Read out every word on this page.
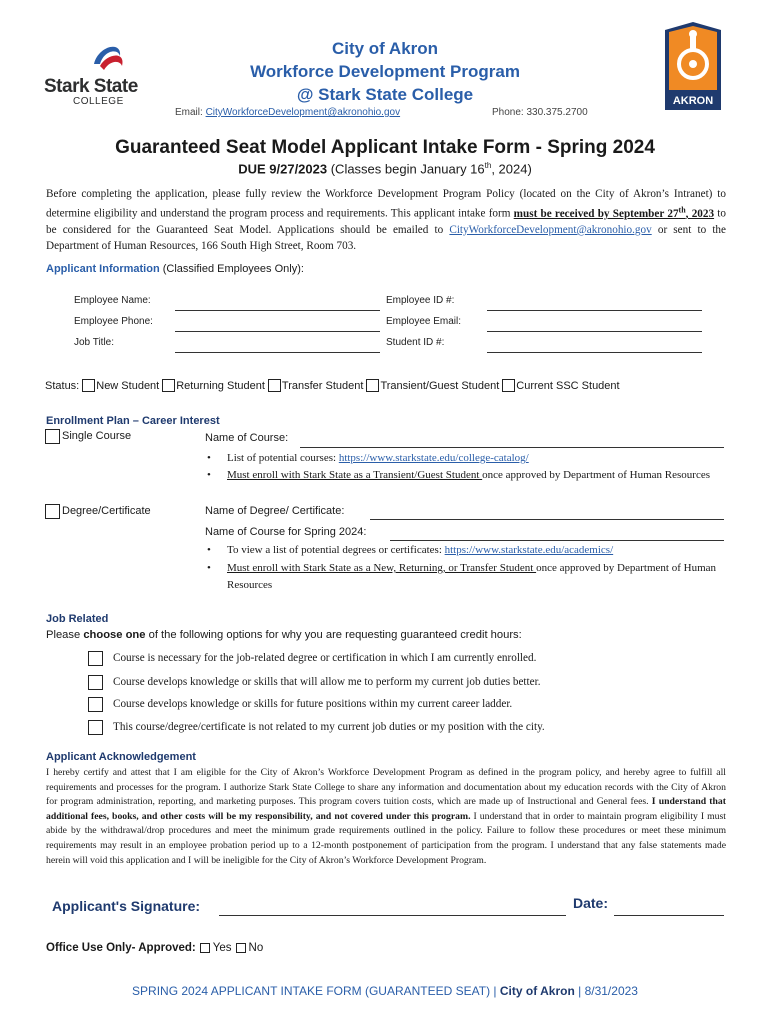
Stark State
COLLEGE
City of Akron
Workforce Development Program
@ Stark State College
Email: CityWorkforceDevelopment@akronohio.gov	Phone: 330.375.2700
AKRON
Guaranteed Seat Model Applicant Intake Form - Spring 2024
DUE 9/27/2023 (Classes begin January 16th, 2024)
Before completing the application, please fully review the Workforce Development Program Policy (located on the City of Akron’s Intranet) to determine eligibility and understand the program process and requirements. This applicant intake form must be received by September 27th, 2023 to be considered for the Guaranteed Seat Model. Applications should be emailed to CityWorkforceDevelopment@akronohio.gov or sent to the Department of Human Resources, 166 South High Street, Room 703.
Applicant Information (Classified Employees Only):
Employee Name:	Employee ID #:
Employee Phone:	Employee Email:
Job Title:	Student ID #:
Status: New Student Returning Student Transfer Student Transient/Guest Student Current SSC Student
Enrollment Plan – Career Interest
Single Course	Name of Course:
• List of potential courses: https://www.starkstate.edu/college-catalog/
• Must enroll with Stark State as a Transient/Guest Student once approved by Department of Human Resources
Degree/Certificate	Name of Degree/ Certificate:
Name of Course for Spring 2024:
• To view a list of potential degrees or certificates: https://www.starkstate.edu/academics/
• Must enroll with Stark State as a New, Returning, or Transfer Student once approved by Department of Human Resources
Job Related
Please choose one of the following options for why you are requesting guaranteed credit hours:
Course is necessary for the job-related degree or certification in which I am currently enrolled.
Course develops knowledge or skills that will allow me to perform my current job duties better.
Course develops knowledge or skills for future positions within my current career ladder.
This course/degree/certificate is not related to my current job duties or my position with the city.
Applicant Acknowledgement
I hereby certify and attest that I am eligible for the City of Akron’s Workforce Development Program as defined in the program policy, and hereby agree to fulfill all requirements and processes for the program. I authorize Stark State College to share any information and documentation about my education records with the City of Akron for program administration, reporting, and marketing purposes. This program covers tuition costs, which are made up of Instructional and General fees. I understand that additional fees, books, and other costs will be my responsibility, and not covered under this program. I understand that in order to maintain program eligibility I must abide by the withdrawal/drop procedures and meet the minimum grade requirements outlined in the policy. Failure to follow these procedures or meet these minimum requirements may result in an employee probation period up to a 12-month postponement of participation from the program. I understand that any false statements made herein will void this application and I will be ineligible for the City of Akron’s Workforce Development Program.
Applicant's Signature:	Date:
Office Use Only- Approved: Yes No
SPRING 2024 APPLICANT INTAKE FORM (GUARANTEED SEAT) | City of Akron | 8/31/2023
